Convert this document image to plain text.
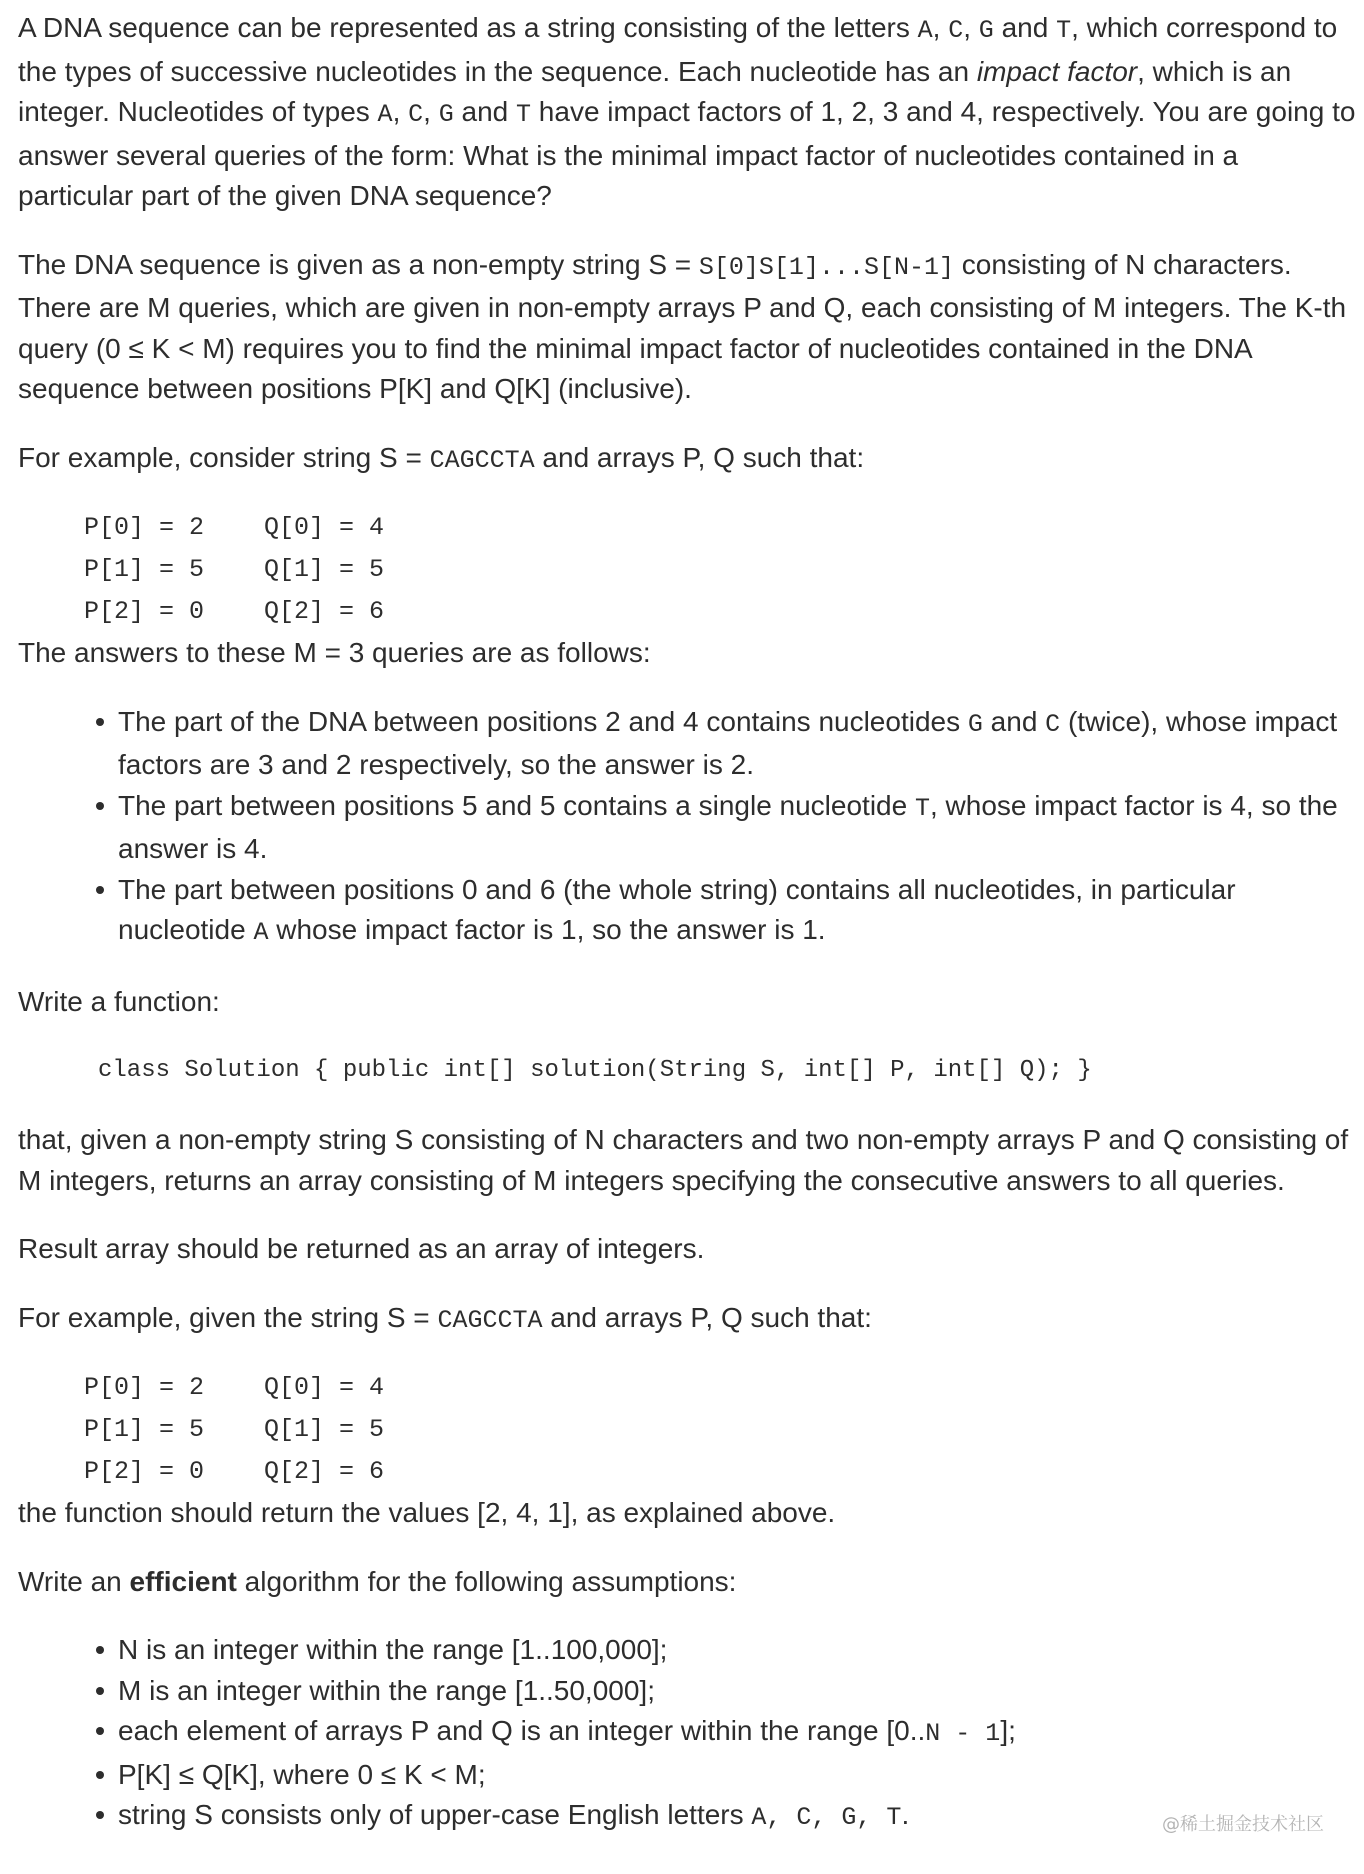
A DNA sequence can be represented as a string consisting of the letters A, C, G and T, which correspond to the types of successive nucleotides in the sequence. Each nucleotide has an impact factor, which is an integer. Nucleotides of types A, C, G and T have impact factors of 1, 2, 3 and 4, respectively. You are going to answer several queries of the form: What is the minimal impact factor of nucleotides contained in a particular part of the given DNA sequence?

The DNA sequence is given as a non-empty string S = S[0]S[1]...S[N-1] consisting of N characters. There are M queries, which are given in non-empty arrays P and Q, each consisting of M integers. The K-th query (0 ≤ K < M) requires you to find the minimal impact factor of nucleotides contained in the DNA sequence between positions P[K] and Q[K] (inclusive).

For example, consider string S = CAGCCTA and arrays P, Q such that:

P[0] = 2    Q[0] = 4
P[1] = 5    Q[1] = 5
P[2] = 0    Q[2] = 6

The answers to these M = 3 queries are as follows:

The part of the DNA between positions 2 and 4 contains nucleotides G and C (twice), whose impact factors are 3 and 2 respectively, so the answer is 2.
The part between positions 5 and 5 contains a single nucleotide T, whose impact factor is 4, so the answer is 4.
The part between positions 0 and 6 (the whole string) contains all nucleotides, in particular nucleotide A whose impact factor is 1, so the answer is 1.

Write a function:

class Solution { public int[] solution(String S, int[] P, int[] Q); }

that, given a non-empty string S consisting of N characters and two non-empty arrays P and Q consisting of M integers, returns an array consisting of M integers specifying the consecutive answers to all queries.

Result array should be returned as an array of integers.

For example, given the string S = CAGCCTA and arrays P, Q such that:

P[0] = 2    Q[0] = 4
P[1] = 5    Q[1] = 5
P[2] = 0    Q[2] = 6

the function should return the values [2, 4, 1], as explained above.

Write an efficient algorithm for the following assumptions:

N is an integer within the range [1..100,000];
M is an integer within the range [1..50,000];
each element of arrays P and Q is an integer within the range [0..N - 1];
P[K] ≤ Q[K], where 0 ≤ K < M;
string S consists only of upper-case English letters A, C, G, T.	@稀土掘金技术社区
